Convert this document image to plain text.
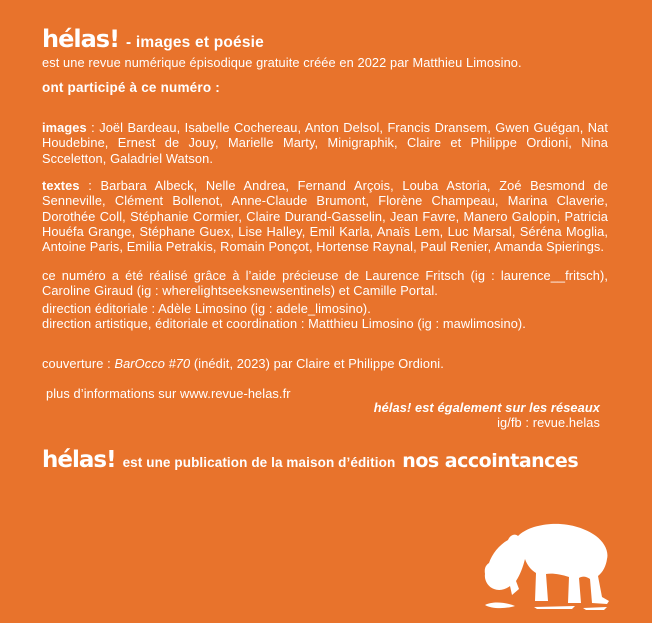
hélas! - images et poésie
est une revue numérique épisodique gratuite créée en 2022 par Matthieu Limosino.
ont participé à ce numéro :

images : Joël Bardeau, Isabelle Cochereau, Anton Delsol, Francis Dransem, Gwen Guégan, Nat Houdebine, Ernest de Jouy, Marielle Marty, Minigraphik, Claire et Philippe Ordioni, Nina Scceletton, Galadriel Watson.

textes : Barbara Albeck, Nelle Andrea, Fernand Arçois, Louba Astoria, Zoé Besmond de Senneville, Clément Bollenot, Anne-Claude Brumont, Florène Champeau, Marina Claverie, Dorothée Coll, Stéphanie Cormier, Claire Durand-Gasselin, Jean Favre, Manero Galopin, Patricia Houéfa Grange, Stéphane Guex, Lise Halley, Emil Karla, Anaïs Lem, Luc Marsal, Séréna Moglia, Antoine Paris, Emilia Petrakis, Romain Ponçot, Hortense Raynal, Paul Renier, Amanda Spierings.

ce numéro a été réalisé grâce à l’aide précieuse de Laurence Fritsch (ig : laurence__fritsch), Caroline Giraud (ig : wherelightseeksnewsentinels) et Camille Portal.

direction éditoriale : Adèle Limosino (ig : adele_limosino).
direction artistique, éditoriale et coordination : Matthieu Limosino (ig : mawlimosino).

couverture : BarOcco #70 (inédit, 2023) par Claire et Philippe Ordioni.

plus d’informations sur www.revue-helas.fr

hélas! est également sur les réseaux
ig/fb : revue.helas
hélas! est une publication de la maison d’édition nos accointances
